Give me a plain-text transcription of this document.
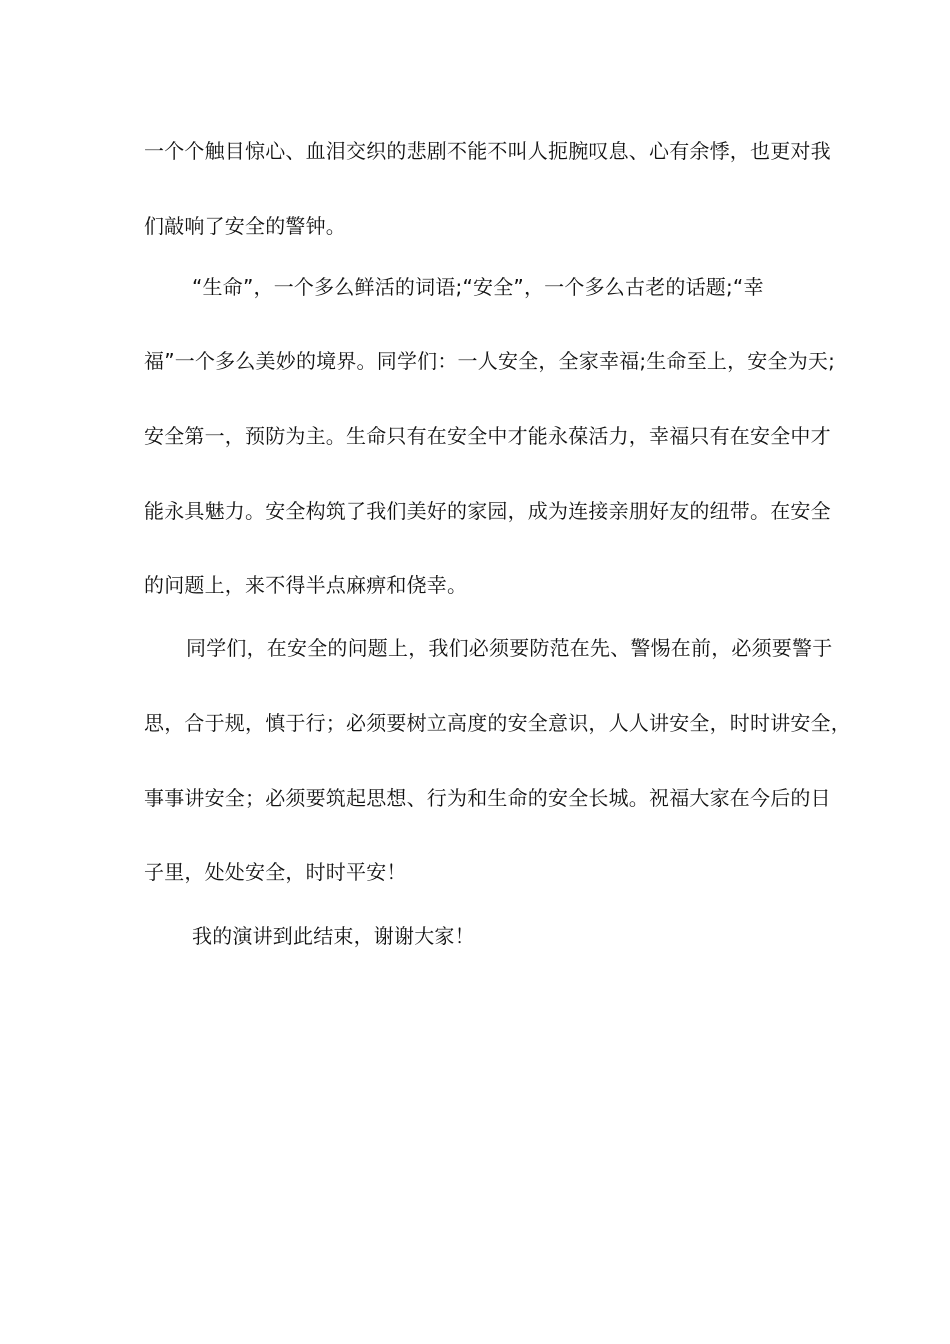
一个个触目惊心、血泪交织的悲剧不能不叫人扼腕叹息、心有余悸，也更对我

们敲响了安全的警钟。

“生命”，一个多么鲜活的词语;“安全”，一个多么古老的话题;“幸

福”一个多么美妙的境界。同学们：一人安全，全家幸福;生命至上，安全为天;

安全第一，预防为主。生命只有在安全中才能永葆活力，幸福只有在安全中才

能永具魅力。安全构筑了我们美好的家园，成为连接亲朋好友的纽带。在安全

的问题上，来不得半点麻痹和侥幸。

同学们，在安全的问题上，我们必须要防范在先、警惕在前，必须要警于

思，合于规，慎于行；必须要树立高度的安全意识，人人讲安全，时时讲安全，

事事讲安全；必须要筑起思想、行为和生命的安全长城。祝福大家在今后的日

子里，处处安全，时时平安！

我的演讲到此结束，谢谢大家！
